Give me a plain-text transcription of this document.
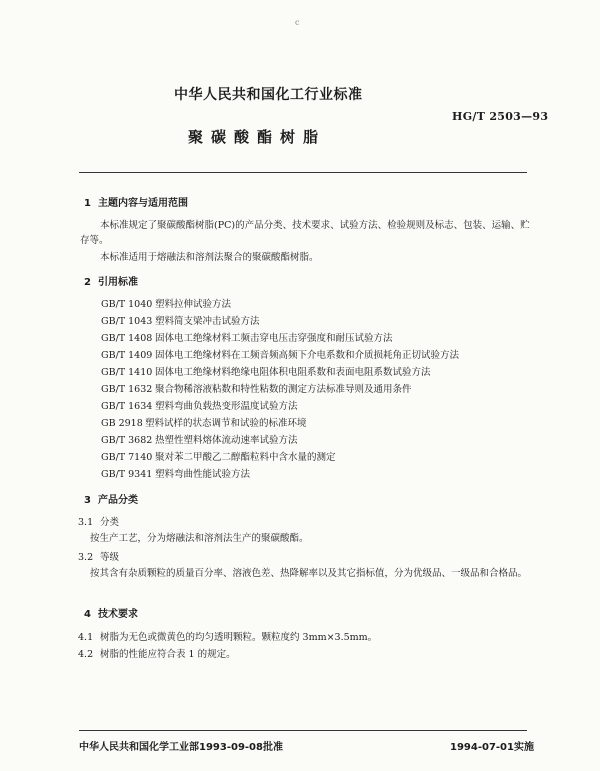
c
中华人民共和国化工行业标准
HG/T 2503—93
聚碳酸酯树脂
1 主题内容与适用范围
本标准规定了聚碳酸酯树脂(PC)的产品分类、技术要求、试验方法、检验规则及标志、包装、运输、贮存等。
本标准适用于熔融法和溶剂法聚合的聚碳酸酯树脂。
2 引用标准
GB/T 1040 塑料拉伸试验方法
GB/T 1043 塑料简支梁冲击试验方法
GB/T 1408 固体电工绝缘材料工频击穿电压击穿强度和耐压试验方法
GB/T 1409 固体电工绝缘材料在工频音频高频下介电系数和介质损耗角正切试验方法
GB/T 1410 固体电工绝缘材料绝缘电阻体积电阻系数和表面电阻系数试验方法
GB/T 1632 聚合物稀溶液粘数和特性粘数的测定方法标准导则及通用条件
GB/T 1634 塑料弯曲负载热变形温度试验方法
GB 2918 塑料试样的状态调节和试验的标准环境
GB/T 3682 热塑性塑料熔体流动速率试验方法
GB/T 7140 聚对苯二甲酸乙二醇酯粒料中含水量的测定
GB/T 9341 塑料弯曲性能试验方法
3 产品分类
3.1 分类
按生产工艺，分为熔融法和溶剂法生产的聚碳酸酯。
3.2 等级
按其含有杂质颗粒的质量百分率、溶液色差、热降解率以及其它指标值，分为优级品、一级品和合格品。
4 技术要求
4.1 树脂为无色或微黄色的均匀透明颗粒。颗粒度约 3mm×3.5mm。
4.2 树脂的性能应符合表 1 的规定。
中华人民共和国化学工业部1993-09-08批准	1994-07-01实施
